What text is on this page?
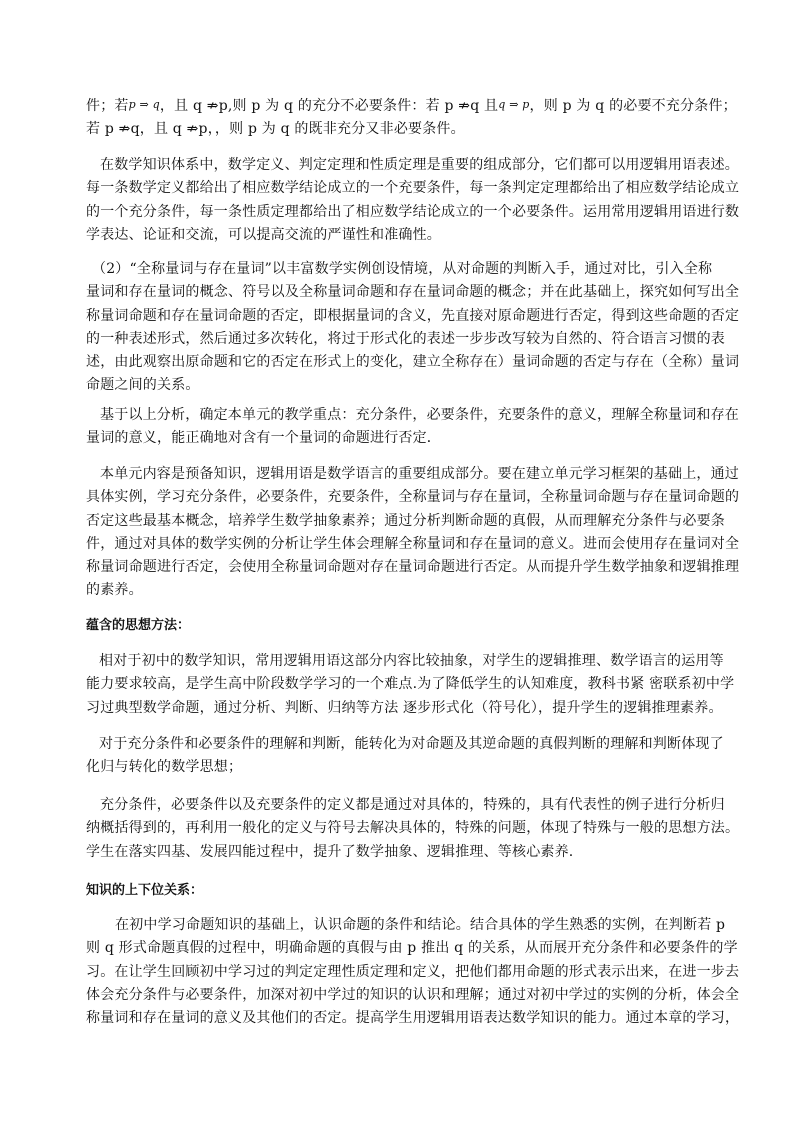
件；若p ⇒ q，且 q ⇏p,则 p 为 q 的充分不必要条件：若 p ⇏q 且q ⇒ p，则 p 为 q 的必要不充分条件；
若 p ⇏q，且 q ⇏p，，则 p 为 q 的既非充分又非必要条件。
在数学知识体系中，数学定义、判定定理和性质定理是重要的组成部分，它们都可以用逻辑用语表述。
每一条数学定义都给出了相应数学结论成立的一个充要条件，每一条判定定理都给出了相应数学结论成立
的一个充分条件，每一条性质定理都给出了相应数学结论成立的一个必要条件。运用常用逻辑用语进行数
学表达、论证和交流，可以提高交流的严谨性和准确性。
（2）“全称量词与存在量词”以丰富数学实例创设情境，从对命题的判断入手，通过对比，引入全称
量词和存在量词的概念、符号以及全称量词命题和存在量词命题的概念；并在此基础上，探究如何写出全
称量词命题和存在量词命题的否定，即根据量词的含义，先直接对原命题进行否定，得到这些命题的否定
的一种表述形式，然后通过多次转化，将过于形式化的表述一步步改写较为自然的、符合语言习惯的表
述，由此观察出原命题和它的否定在形式上的变化，建立全称存在）量词命题的否定与存在（全称）量词
命题之间的关系。
基于以上分析，确定本单元的教学重点：充分条件，必要条件，充要条件的意义，理解全称量词和存在
量词的意义，能正确地对含有一个量词的命题进行否定．
本单元内容是预备知识，逻辑用语是数学语言的重要组成部分。要在建立单元学习框架的基础上，通过
具体实例，学习充分条件，必要条件，充要条件，全称量词与存在量词，全称量词命题与存在量词命题的
否定这些最基本概念，培养学生数学抽象素养；通过分析判断命题的真假，从而理解充分条件与必要条
件，通过对具体的数学实例的分析让学生体会理解全称量词和存在量词的意义。进而会使用存在量词对全
称量词命题进行否定，会使用全称量词命题对存在量词命题进行否定。从而提升学生数学抽象和逻辑推理
的素养。
蕴含的思想方法：
相对于初中的数学知识，常用逻辑用语这部分内容比较抽象，对学生的逻辑推理、数学语言的运用等
能力要求较高，是学生高中阶段数学学习的一个难点.为了降低学生的认知难度，教科书紧 密联系初中学
习过典型数学命题，通过分析、判断、归纳等方法 逐步形式化（符号化），提升学生的逻辑推理素养。
对于充分条件和必要条件的理解和判断，能转化为对命题及其逆命题的真假判断的理解和判断体现了
化归与转化的数学思想；
充分条件，必要条件以及充要条件的定义都是通过对具体的，特殊的，具有代表性的例子进行分析归
纳概括得到的，再利用一般化的定义与符号去解决具体的，特殊的问题，体现了特殊与一般的思想方法。
学生在落实四基、发展四能过程中，提升了数学抽象、逻辑推理、等核心素养.
知识的上下位关系：
在初中学习命题知识的基础上，认识命题的条件和结论。结合具体的学生熟悉的实例，在判断若 p
则 q 形式命题真假的过程中，明确命题的真假与由 p 推出 q 的关系，从而展开充分条件和必要条件的学
习。在让学生回顾初中学习过的判定定理性质定理和定义，把他们都用命题的形式表示出来，在进一步去
体会充分条件与必要条件，加深对初中学过的知识的认识和理解；通过对初中学过的实例的分析，体会全
称量词和存在量词的意义及其他们的否定。提高学生用逻辑用语表达数学知识的能力。通过本章的学习，
